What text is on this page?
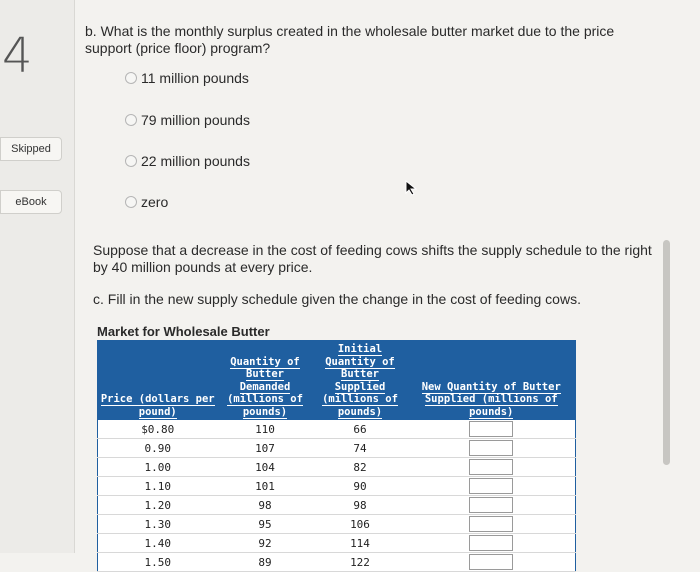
4
Skipped
eBook
b. What is the monthly surplus created in the wholesale butter market due to the price support (price floor) program?
11 million pounds
79 million pounds
22 million pounds
zero
Suppose that a decrease in the cost of feeding cows shifts the supply schedule to the right by 40 million pounds at every price.
c. Fill in the new supply schedule given the change in the cost of feeding cows.
Market for Wholesale Butter
Price (dollars per pound)	Quantity of Butter Demanded (millions of pounds)	Initial Quantity of Butter Supplied (millions of pounds)	New Quantity of Butter Supplied (millions of pounds)
$0.80	110	66	

0.90	107	74	

1.00	104	82	

1.10	101	90	

1.20	98	98	

1.30	95	106	

1.40	92	114	

1.50	89	122	
